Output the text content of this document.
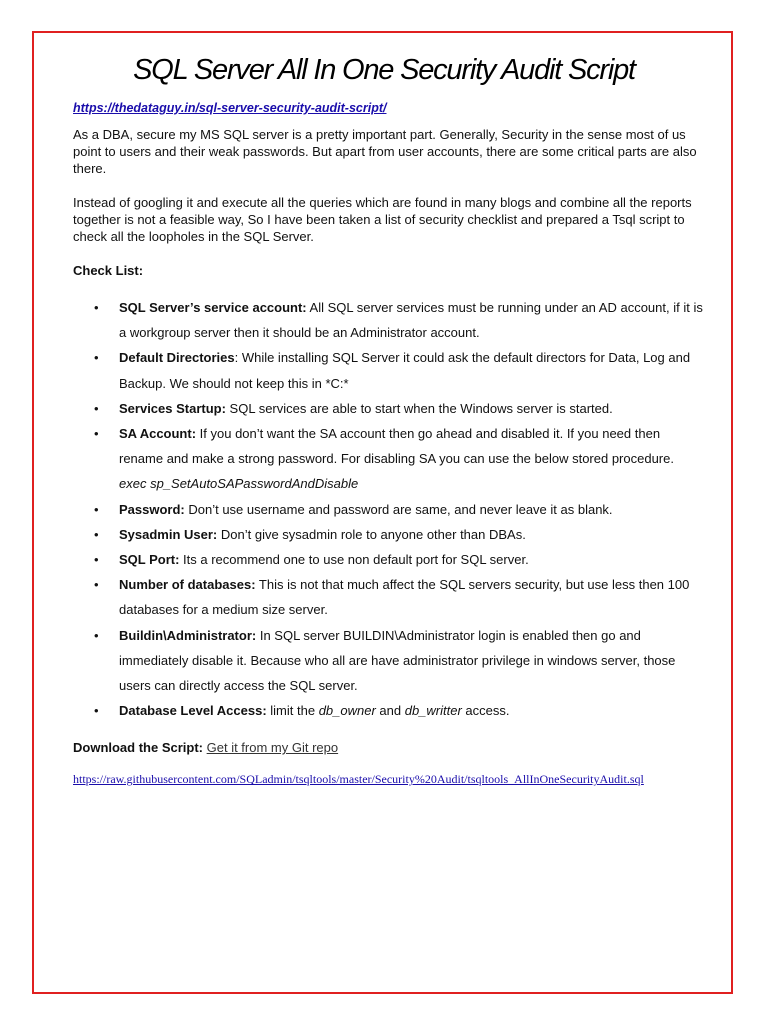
SQL Server All In One Security Audit Script
https://thedataguy.in/sql-server-security-audit-script/

As a DBA, secure my MS SQL server is a pretty important part. Generally, Security in the sense most of us point to users and their weak passwords. But apart from user accounts, there are some critical parts are also there.

Instead of googling it and execute all the queries which are found in many blogs and combine all the reports together is not a feasible way, So I have been taken a list of security checklist and prepared a Tsql script to check all the loopholes in the SQL Server.

Check List:
• SQL Server’s service account: All SQL server services must be running under an AD account, if it is a workgroup server then it should be an Administrator account.
• Default Directories: While installing SQL Server it could ask the default directors for Data, Log and Backup. We should not keep this in *C:*
• Services Startup: SQL services are able to start when the Windows server is started.
• SA Account: If you don’t want the SA account then go ahead and disabled it. If you need then rename and make a strong password. For disabling SA you can use the below stored procedure. exec sp_SetAutoSAPasswordAndDisable
• Password: Don’t use username and password are same, and never leave it as blank.
• Sysadmin User: Don’t give sysadmin role to anyone other than DBAs.
• SQL Port: Its a recommend one to use non default port for SQL server.
• Number of databases: This is not that much affect the SQL servers security, but use less then 100 databases for a medium size server.
• Buildin\Administrator: In SQL server BUILDIN\Administrator login is enabled then go and immediately disable it. Because who all are have administrator privilege in windows server, those users can directly access the SQL server.
• Database Level Access: limit the db_owner and db_writter access.
Download the Script: Get it from my Git repo
https://raw.githubusercontent.com/SQLadmin/tsqltools/master/Security%20Audit/tsqltools_AllInOneSecurityAudit.sql
